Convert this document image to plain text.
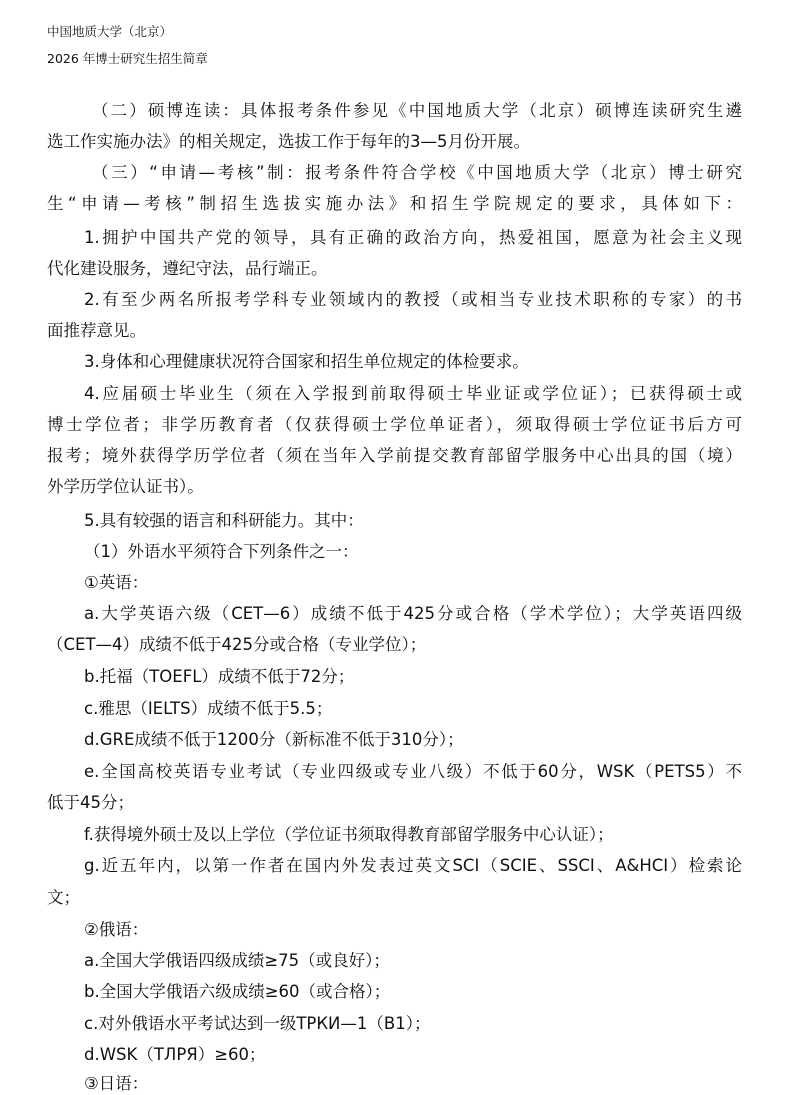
中国地质大学（北京）
2026 年博士研究生招生简章
（二）硕博连读：具体报考条件参见《中国地质大学（北京）硕博连读研究生遴
选工作实施办法》的相关规定，选拔工作于每年的3—5月份开展。
（三）“申请—考核”制：报考条件符合学校《中国地质大学（北京）博士研究
生“申请—考核”制招生选拔实施办法》和招生学院规定的要求，具体如下：
1.拥护中国共产党的领导，具有正确的政治方向，热爱祖国，愿意为社会主义现
代化建设服务，遵纪守法，品行端正。
2.有至少两名所报考学科专业领域内的教授（或相当专业技术职称的专家）的书
面推荐意见。
3.身体和心理健康状况符合国家和招生单位规定的体检要求。
4.应届硕士毕业生（须在入学报到前取得硕士毕业证或学位证）；已获得硕士或
博士学位者；非学历教育者（仅获得硕士学位单证者），须取得硕士学位证书后方可
报考；境外获得学历学位者（须在当年入学前提交教育部留学服务中心出具的国（境）
外学历学位认证书）。
5.具有较强的语言和科研能力。其中：
（1）外语水平须符合下列条件之一：
①英语：
a.大学英语六级（CET—6）成绩不低于425分或合格（学术学位）；大学英语四级
（CET—4）成绩不低于425分或合格（专业学位）；
b.托福（TOEFL）成绩不低于72分；
c.雅思（IELTS）成绩不低于5.5；
d.GRE成绩不低于1200分（新标准不低于310分）；
e.全国高校英语专业考试（专业四级或专业八级）不低于60分，WSK（PETS5）不
低于45分；
f.获得境外硕士及以上学位（学位证书须取得教育部留学服务中心认证）；
g.近五年内，以第一作者在国内外发表过英文SCI（SCIE、SSCI、A&HCI）检索论
文；
②俄语：
a.全国大学俄语四级成绩≥75（或良好）；
b.全国大学俄语六级成绩≥60（或合格）；
c.对外俄语水平考试达到一级ТРКИ—1（B1）；
d.WSK（ТЛРЯ）≥60；
③日语：
